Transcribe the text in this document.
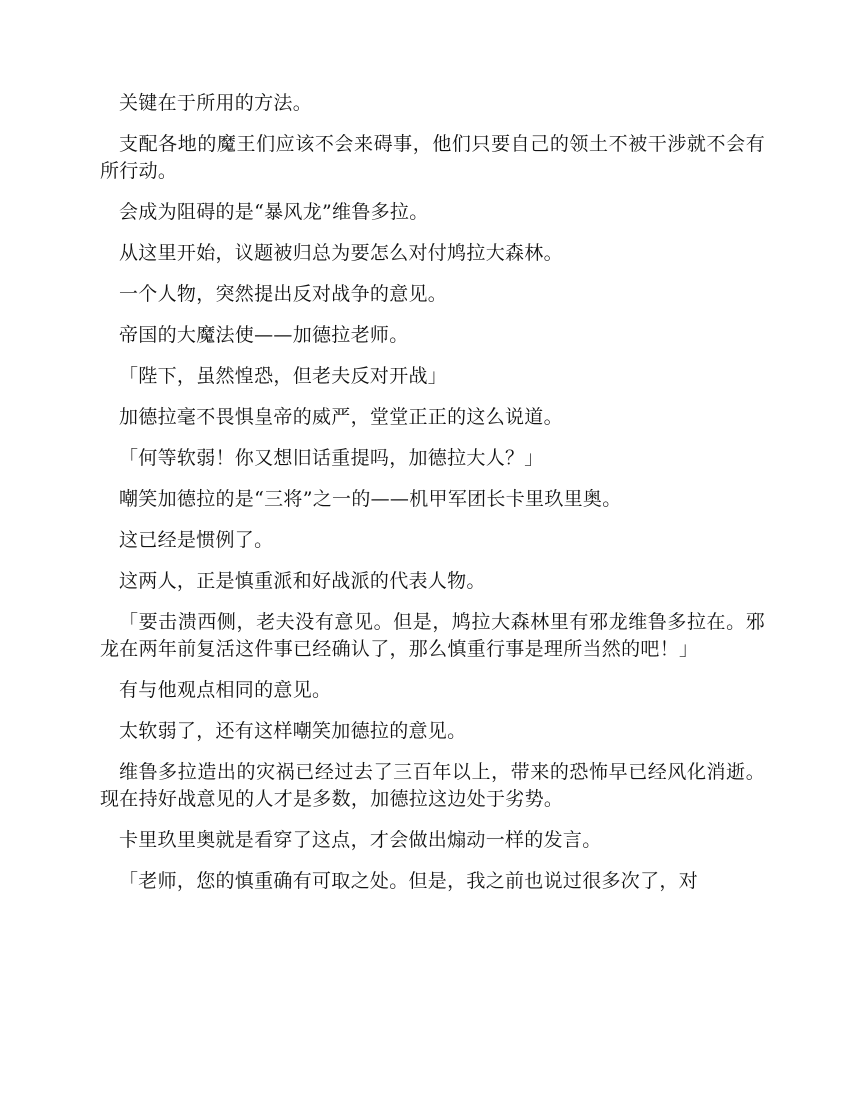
关键在于所用的方法。

支配各地的魔王们应该不会来碍事，他们只要自己的领土不被干涉就不会有所行动。

会成为阻碍的是“暴风龙”维鲁多拉。

从这里开始，议题被归总为要怎么对付鸠拉大森林。

一个人物，突然提出反对战争的意见。

帝国的大魔法使——加德拉老师。

「陛下，虽然惶恐，但老夫反对开战」

加德拉毫不畏惧皇帝的威严，堂堂正正的这么说道。

「何等软弱！你又想旧话重提吗，加德拉大人？」

嘲笑加德拉的是“三将”之一的——机甲军团长卡里玖里奥。

这已经是惯例了。

这两人，正是慎重派和好战派的代表人物。

「要击溃西侧，老夫没有意见。但是，鸠拉大森林里有邪龙维鲁多拉在。邪龙在两年前复活这件事已经确认了，那么慎重行事是理所当然的吧！」

有与他观点相同的意见。

太软弱了，还有这样嘲笑加德拉的意见。

维鲁多拉造出的灾祸已经过去了三百年以上，带来的恐怖早已经风化消逝。现在持好战意见的人才是多数，加德拉这边处于劣势。

卡里玖里奥就是看穿了这点，才会做出煽动一样的发言。

「老师，您的慎重确有可取之处。但是，我之前也说过很多次了，对
